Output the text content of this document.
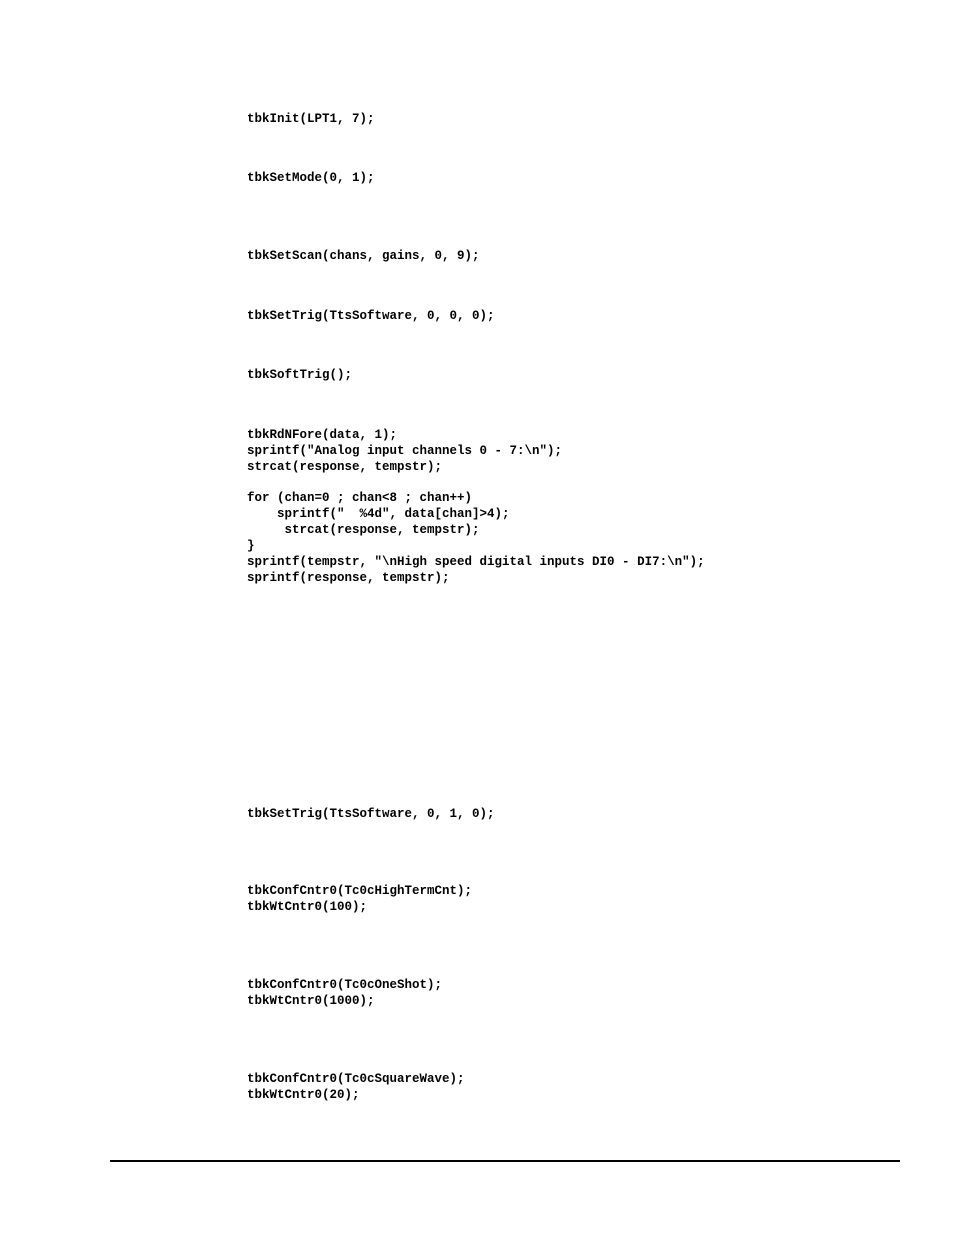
tbkInit(LPT1, 7);
tbkSetMode(0, 1);
tbkSetScan(chans, gains, 0, 9);
tbkSetTrig(TtsSoftware, 0, 0, 0);
tbkSoftTrig();
tbkRdNFore(data, 1);
sprintf("Analog input channels 0 - 7:\n");
strcat(response, tempstr);
for (chan=0 ; chan<8 ; chan++)
sprintf("  %4d", data[chan]>4);
strcat(response, tempstr);
}
sprintf(tempstr, "\nHigh speed digital inputs DI0 - DI7:\n");
sprintf(response, tempstr);
tbkSetTrig(TtsSoftware, 0, 1, 0);
tbkConfCntr0(Tc0cHighTermCnt);
tbkWtCntr0(100);
tbkConfCntr0(Tc0cOneShot);
tbkWtCntr0(1000);
tbkConfCntr0(Tc0cSquareWave);
tbkWtCntr0(20);
